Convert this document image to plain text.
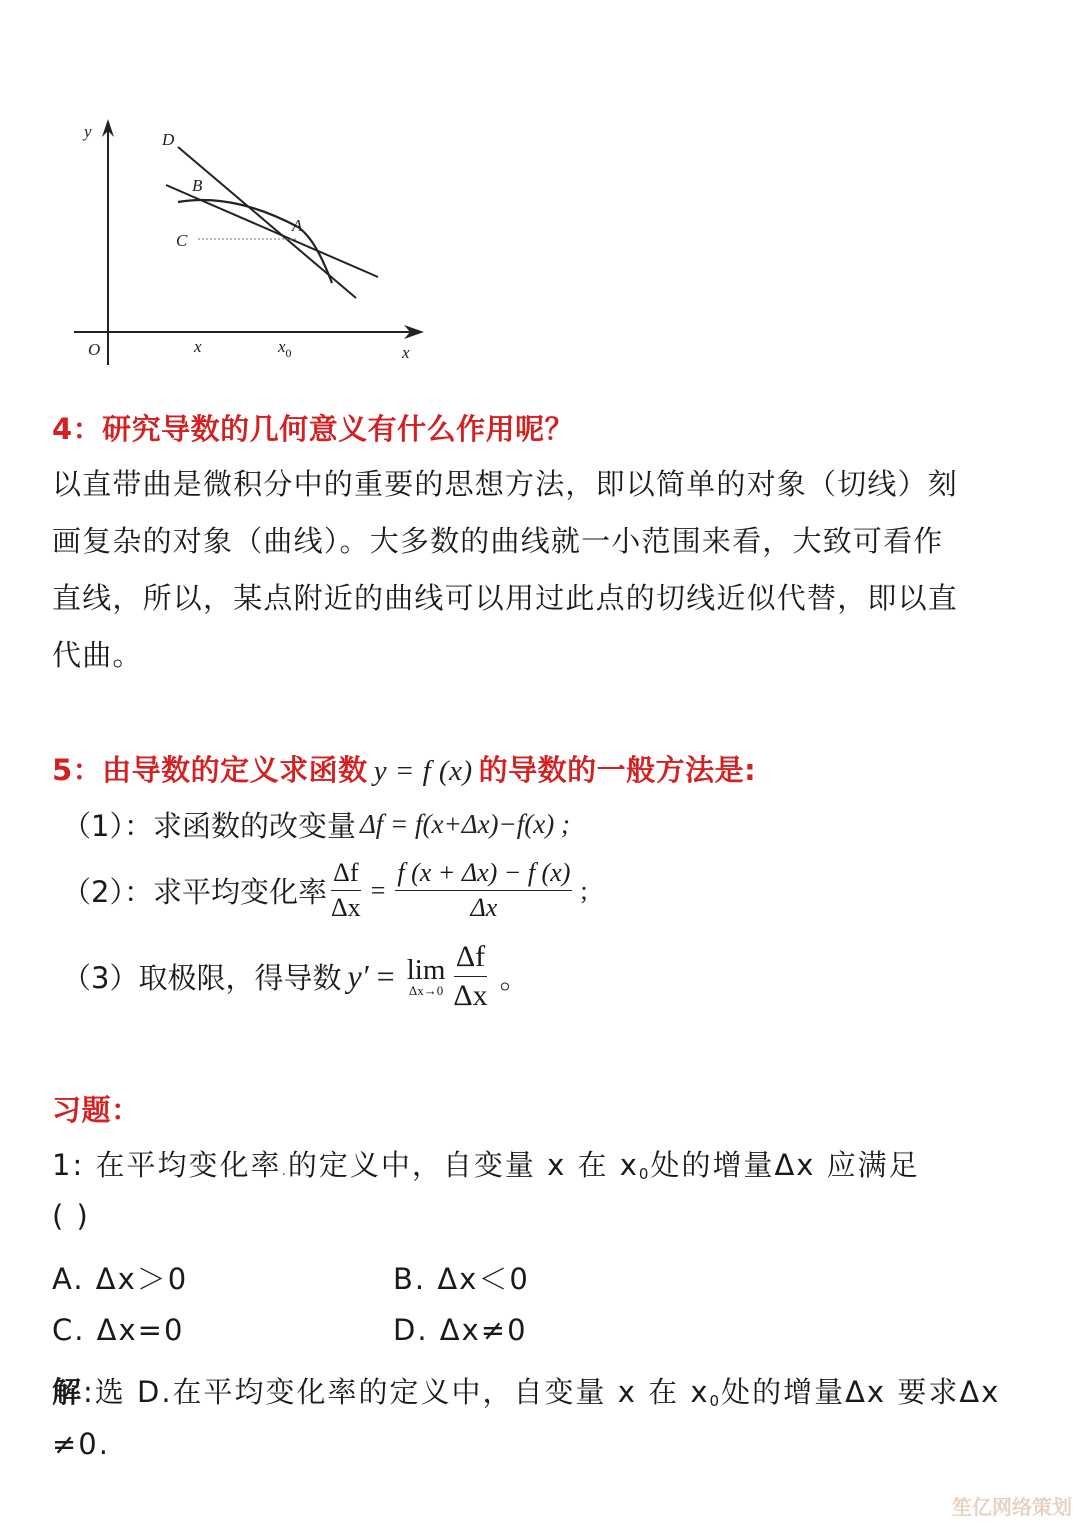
y
x
O	x	$x_0$
D
B
C
A
4：研究导数的几何意义有什么作用呢？
以直带曲是微积分中的重要的思想方法，即以简单的对象（切线）刻
画复杂的对象（曲线）。大多数的曲线就一小范围来看，大致可看作
直线，所以，某点附近的曲线可以用过此点的切线近似代替，即以直
代曲。
5：由导数的定义求函数 y = f (x) 的导数的一般方法是:
（1）：求函数的改变量 Δf = f(x+Δx)−f(x) ;
（2）：求平均变化率 $\frac{\Delta f}{\Delta x} = \frac{f (x + \Delta x) - f (x)}{\Delta x}$ ;
（3）取极限，得导数 y′ = lim
$\Delta x\to 0 \frac{\Delta f}{\Delta x}$ 。
习题：
1: 在平均变化率.的定义中，自变量 x 在 x0处的增量Δx 应满足
( )
A. Δx＞0	B. Δx＜0
C. Δx=0	D. Δx≠0
解:选 D.在平均变化率的定义中，自变量 x 在 x0处的增量Δx 要求Δx
≠0.
笙亿网络策划
